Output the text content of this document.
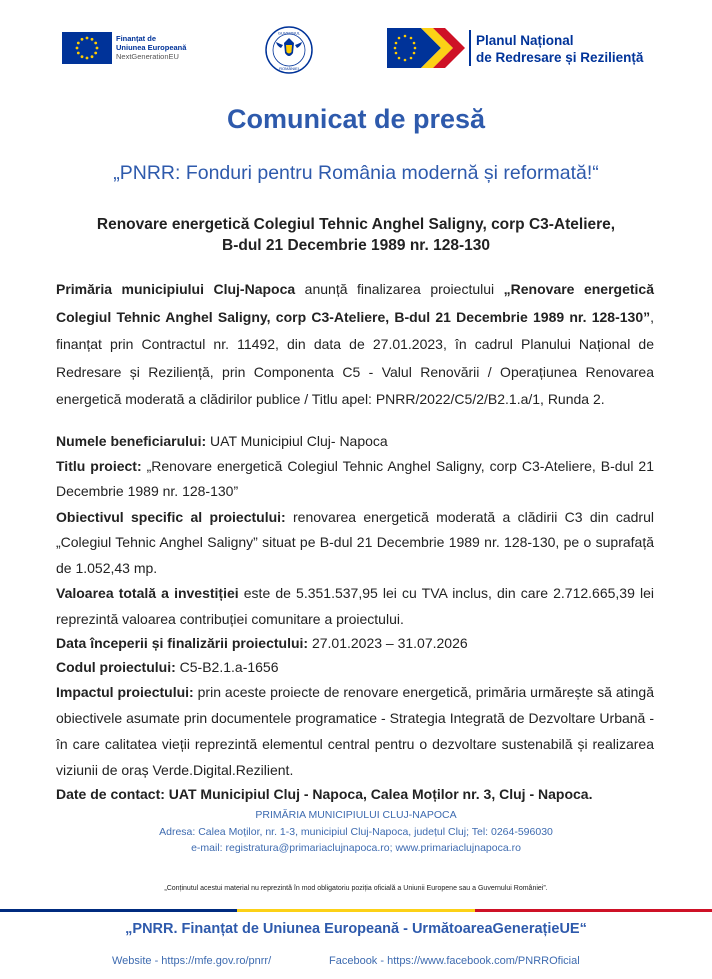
Finanțat de
Uniunea Europeană
NextGenerationEU
GUVERNUL
ROMÂNIEI
Planul Național
de Redresare și Reziliență
Comunicat de presă
„PNRR: Fonduri pentru România modernă și reformată!“
Renovare energetică Colegiul Tehnic Anghel Saligny, corp C3-Ateliere,
B-dul 21 Decembrie 1989 nr. 128-130
Primăria municipiului Cluj-Napoca anunță finalizarea proiectului „Renovare energetică Colegiul Tehnic Anghel Saligny, corp C3-Ateliere, B-dul 21 Decembrie 1989 nr. 128-130”, finanțat prin Contractul nr. 11492, din data de 27.01.2023, în cadrul Planului Național de Redresare și Reziliență, prin Componenta C5 - Valul Renovării / Operațiunea Renovarea energetică moderată a clădirilor publice / Titlu apel: PNRR/2022/C5/2/B2.1.a/1, Runda 2.

Numele beneficiarului: UAT Municipiul Cluj- Napoca

Titlu proiect: „Renovare energetică Colegiul Tehnic Anghel Saligny, corp C3-Ateliere, B-dul 21 Decembrie 1989 nr. 128-130”

Obiectivul specific al proiectului: renovarea energetică moderată a clădirii C3 din cadrul „Colegiul Tehnic Anghel Saligny” situat pe B-dul 21 Decembrie 1989 nr. 128-130, pe o suprafață de 1.052,43 mp.

Valoarea totală a investiției este de 5.351.537,95 lei cu TVA inclus, din care 2.712.665,39 lei reprezintă valoarea contribuției comunitare a proiectului.

Data începerii și finalizării proiectului: 27.01.2023 – 31.07.2026

Codul proiectului: C5-B2.1.a-1656

Impactul proiectului: prin aceste proiecte de renovare energetică, primăria urmărește să atingă obiectivele asumate prin documentele programatice - Strategia Integrată de Dezvoltare Urbană - în care calitatea vieții reprezintă elementul central pentru o dezvoltare sustenabilă și realizarea viziunii de oraș Verde.Digital.Rezilient.

Date de contact: UAT Municipiul Cluj - Napoca, Calea Moților nr. 3, Cluj - Napoca.

PRIMĂRIA MUNICIPIULUI CLUJ-NAPOCA
Adresa: Calea Moților, nr. 1-3, municipiul Cluj-Napoca, județul Cluj; Tel: 0264-596030
e-mail: registratura@primariaclujnapoca.ro; www.primariaclujnapoca.ro
„Conținutul acestui material nu reprezintă în mod obligatoriu poziția oficială a Uniunii Europene sau a Guvernului României”.
„PNRR. Finanțat de Uniunea Europeană - UrmătoareaGenerațieUE“
Website - https://mfe.gov.ro/pnrr/	Facebook - https://www.facebook.com/PNRROficial
